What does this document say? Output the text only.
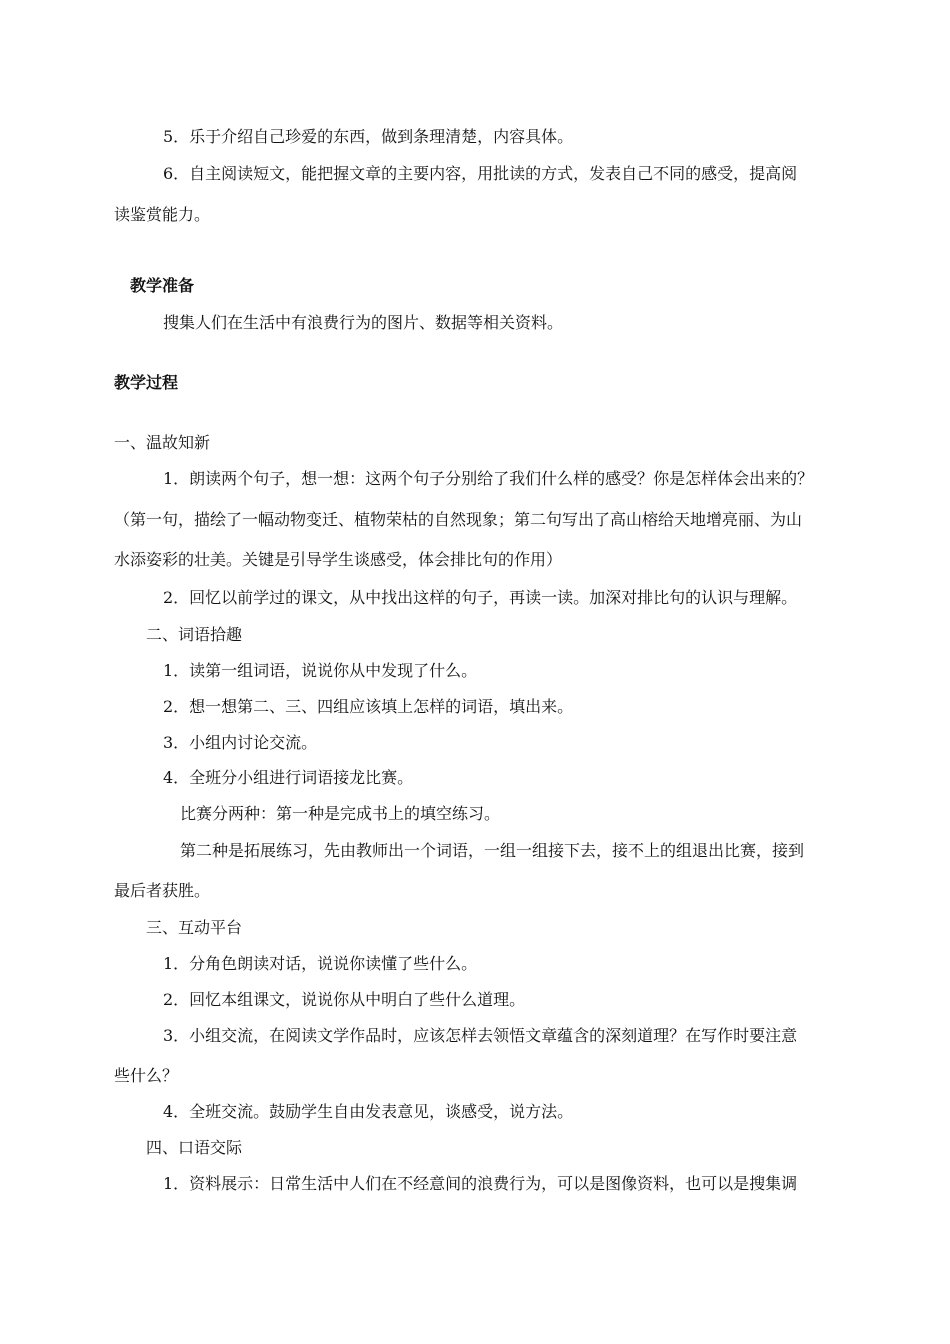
5．乐于介绍自己珍爱的东西，做到条理清楚，内容具体。

6．自主阅读短文，能把握文章的主要内容，用批读的方式，发表自己不同的感受，提高阅

读鉴赏能力。

教学准备

搜集人们在生活中有浪费行为的图片、数据等相关资料。

教学过程

一、温故知新

1．朗读两个句子，想一想：这两个句子分别给了我们什么样的感受？你是怎样体会出来的？

（第一句，描绘了一幅动物变迁、植物荣枯的自然现象；第二句写出了高山榕给天地增亮丽、为山

水添姿彩的壮美。关键是引导学生谈感受，体会排比句的作用）

2．回忆以前学过的课文，从中找出这样的句子，再读一读。加深对排比句的认识与理解。

二、词语拾趣

1．读第一组词语，说说你从中发现了什么。

2．想一想第二、三、四组应该填上怎样的词语，填出来。

3．小组内讨论交流。

4．全班分小组进行词语接龙比赛。

比赛分两种：第一种是完成书上的填空练习。

第二种是拓展练习，先由教师出一个词语，一组一组接下去，接不上的组退出比赛，接到

最后者获胜。

三、互动平台

1．分角色朗读对话，说说你读懂了些什么。

2．回忆本组课文，说说你从中明白了些什么道理。

3．小组交流，在阅读文学作品时，应该怎样去领悟文章蕴含的深刻道理？在写作时要注意

些什么？

4．全班交流。鼓励学生自由发表意见，谈感受，说方法。

四、口语交际

1．资料展示：日常生活中人们在不经意间的浪费行为，可以是图像资料，也可以是搜集调
